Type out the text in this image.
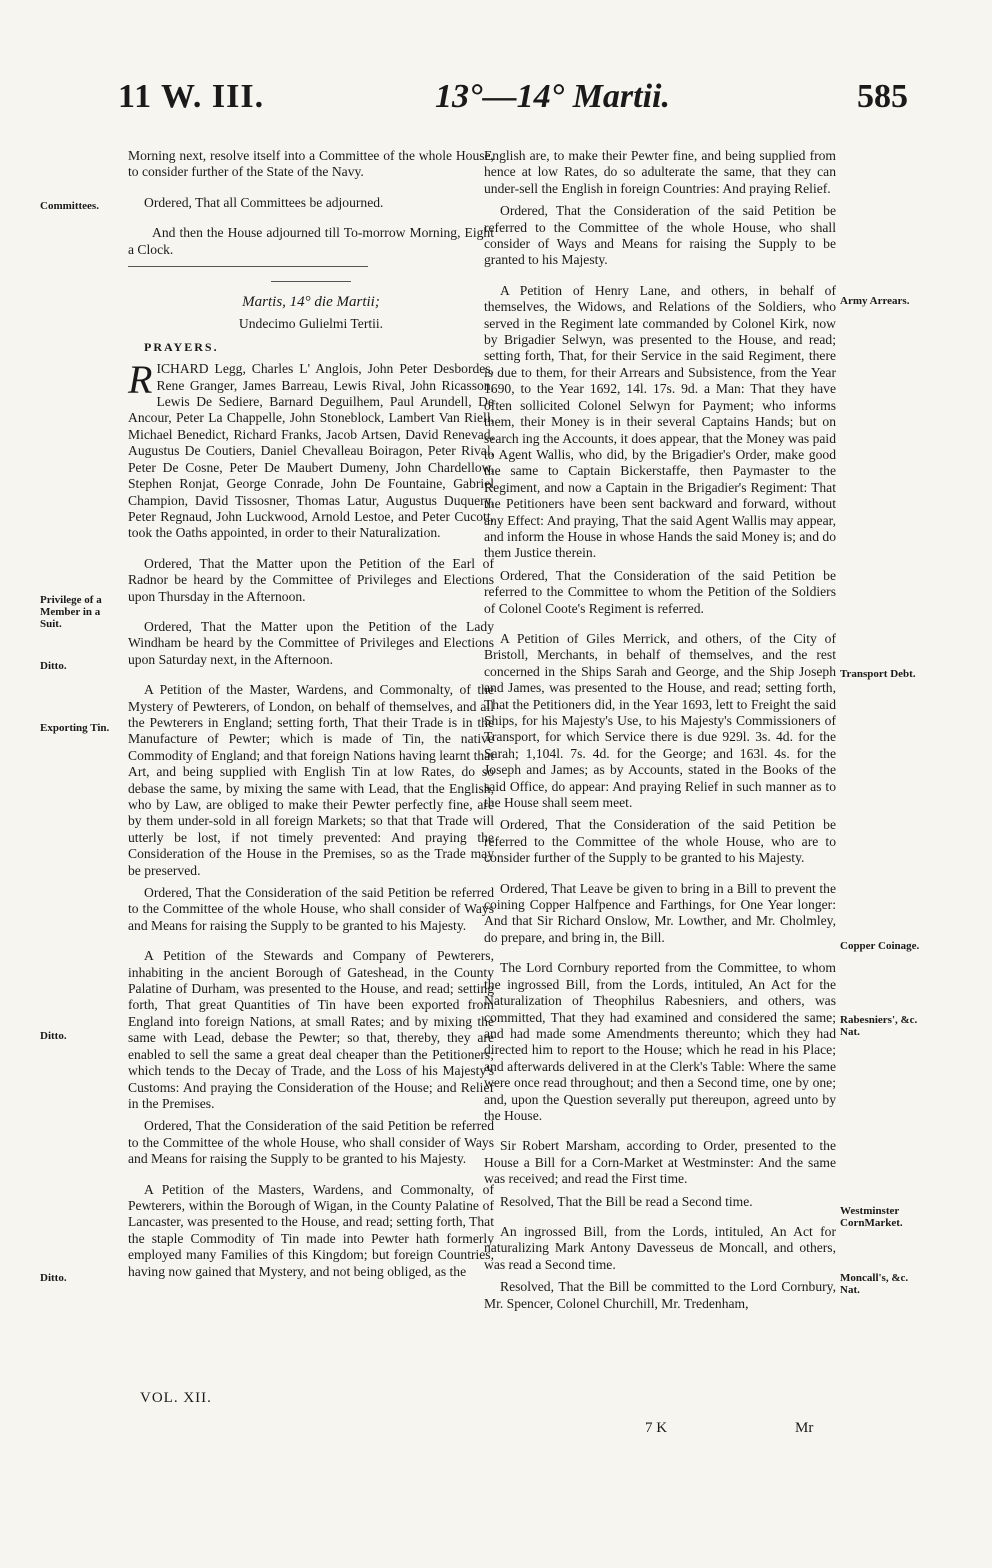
11 W. III.	13°—14° Martii.	585
Committees.
Privilege of a Member in a Suit.
Ditto.
Exporting Tin.
Ditto.
Ditto.
Army Arrears.
Transport Debt.
Copper Coinage.
Rabesniers', &c. Nat.
Westminster CornMarket.
Moncall's, &c. Nat.

Morning next, resolve itself into a Committee of the whole House, to consider further of the State of the Navy.

Ordered, That all Committees be adjourned.

And then the House adjourned till To-morrow Morning, Eight a Clock.

Martis, 14° die Martii;

Undecimo Gulielmi Tertii.

PRAYERS.

RICHARD Legg, Charles L' Anglois, John Peter Desbordes, Rene Granger, James Barreau, Lewis Rival, John Ricasson, Lewis De Sediere, Barnard Deguilhem, Paul Arundell, De Ancour, Peter La Chappelle, John Stoneblock, Lambert Van Riell, Michael Benedict, Richard Franks, Jacob Artsen, David Renevad, Augustus De Coutiers, Daniel Chevalleau Boiragon, Peter Rival, Peter De Cosne, Peter De Maubert Dumeny, John Chardellow, Stephen Ronjat, George Conrade, John De Fountaine, Gabriel Champion, David Tissosner, Thomas Latur, Augustus Duquery, Peter Regnaud, John Luckwood, Arnold Lestoe, and Peter Cucott, took the Oaths appointed, in order to their Naturalization.

Ordered, That the Matter upon the Petition of the Earl of Radnor be heard by the Committee of Privileges and Elections upon Thursday in the Afternoon.

Ordered, That the Matter upon the Petition of the Lady Windham be heard by the Committee of Privileges and Elections upon Saturday next, in the Afternoon.

A Petition of the Master, Wardens, and Commonalty, of the Mystery of Pewterers, of London, on behalf of themselves, and all the Pewterers in England; setting forth, That their Trade is in the Manufacture of Pewter; which is made of Tin, the native Commodity of England; and that foreign Nations having learnt that Art, and being supplied with English Tin at low Rates, do so debase the same, by mixing the same with Lead, that the English, who by Law, are obliged to make their Pewter perfectly fine, are by them under-sold in all foreign Markets; so that that Trade will utterly be lost, if not timely prevented: And praying the Consideration of the House in the Premises, so as the Trade may be preserved.

Ordered, That the Consideration of the said Petition be referred to the Committee of the whole House, who shall consider of Ways and Means for raising the Supply to be granted to his Majesty.

A Petition of the Stewards and Company of Pewterers, inhabiting in the ancient Borough of Gateshead, in the County Palatine of Durham, was presented to the House, and read; setting forth, That great Quantities of Tin have been exported from England into foreign Nations, at small Rates; and by mixing the same with Lead, debase the Pewter; so that, thereby, they are enabled to sell the same a great deal cheaper than the Petitioners; which tends to the Decay of Trade, and the Loss of his Majesty's Customs: And praying the Consideration of the House; and Relief in the Premises.

Ordered, That the Consideration of the said Petition be referred to the Committee of the whole House, who shall consider of Ways and Means for raising the Supply to be granted to his Majesty.

A Petition of the Masters, Wardens, and Commonalty, of Pewterers, within the Borough of Wigan, in the County Palatine of Lancaster, was presented to the House, and read; setting forth, That the staple Commodity of Tin made into Pewter hath formerly employed many Families of this Kingdom; but foreign Countries, having now gained that Mystery, and not being obliged, as the

English are, to make their Pewter fine, and being supplied from hence at low Rates, do so adulterate the same, that they can under-sell the English in foreign Countries: And praying Relief.

Ordered, That the Consideration of the said Petition be referred to the Committee of the whole House, who shall consider of Ways and Means for raising the Supply to be granted to his Majesty.

A Petition of Henry Lane, and others, in behalf of themselves, the Widows, and Relations of the Soldiers, who served in the Regiment late commanded by Colonel Kirk, now by Brigadier Selwyn, was presented to the House, and read; setting forth, That, for their Service in the said Regiment, there is due to them, for their Arrears and Subsistence, from the Year 1690, to the Year 1692, 14l. 17s. 9d. a Man: That they have often sollicited Colonel Selwyn for Payment; who informs them, their Money is in their several Captains Hands; but on search ing the Accounts, it does appear, that the Money was paid to Agent Wallis, who did, by the Brigadier's Order, make good the same to Captain Bickerstaffe, then Paymaster to the Regiment, and now a Captain in the Brigadier's Regiment: That the Petitioners have been sent backward and forward, without any Effect: And praying, That the said Agent Wallis may appear, and inform the House in whose Hands the said Money is; and do them Justice therein.

Ordered, That the Consideration of the said Petition be referred to the Committee to whom the Petition of the Soldiers of Colonel Coote's Regiment is referred.

A Petition of Giles Merrick, and others, of the City of Bristoll, Merchants, in behalf of themselves, and the rest concerned in the Ships Sarah and George, and the Ship Joseph and James, was presented to the House, and read; setting forth, That the Petitioners did, in the Year 1693, lett to Freight the said Ships, for his Majesty's Use, to his Majesty's Commissioners of Transport, for which Service there is due 929l. 3s. 4d. for the Sarah; 1,104l. 7s. 4d. for the George; and 163l. 4s. for the Joseph and James; as by Accounts, stated in the Books of the said Office, do appear: And praying Relief in such manner as to the House shall seem meet.

Ordered, That the Consideration of the said Petition be referred to the Committee of the whole House, who are to consider further of the Supply to be granted to his Majesty.

Ordered, That Leave be given to bring in a Bill to prevent the coining Copper Halfpence and Farthings, for One Year longer: And that Sir Richard Onslow, Mr. Lowther, and Mr. Cholmley, do prepare, and bring in, the Bill.

The Lord Cornbury reported from the Committee, to whom the ingrossed Bill, from the Lords, intituled, An Act for the Naturalization of Theophilus Rabesniers, and others, was committed, That they had examined and considered the same; and had made some Amendments thereunto; which they had directed him to report to the House; which he read in his Place; and afterwards delivered in at the Clerk's Table: Where the same were once read throughout; and then a Second time, one by one; and, upon the Question severally put thereupon, agreed unto by the House.

Sir Robert Marsham, according to Order, presented to the House a Bill for a Corn-Market at Westminster: And the same was received; and read the First time.

Resolved, That the Bill be read a Second time.

An ingrossed Bill, from the Lords, intituled, An Act for naturalizing Mark Antony Davesseus de Moncall, and others, was read a Second time.

Resolved, That the Bill be committed to the Lord Cornbury, Mr. Spencer, Colonel Churchill, Mr. Tredenham,

VOL. XII.
7 K	Mr
